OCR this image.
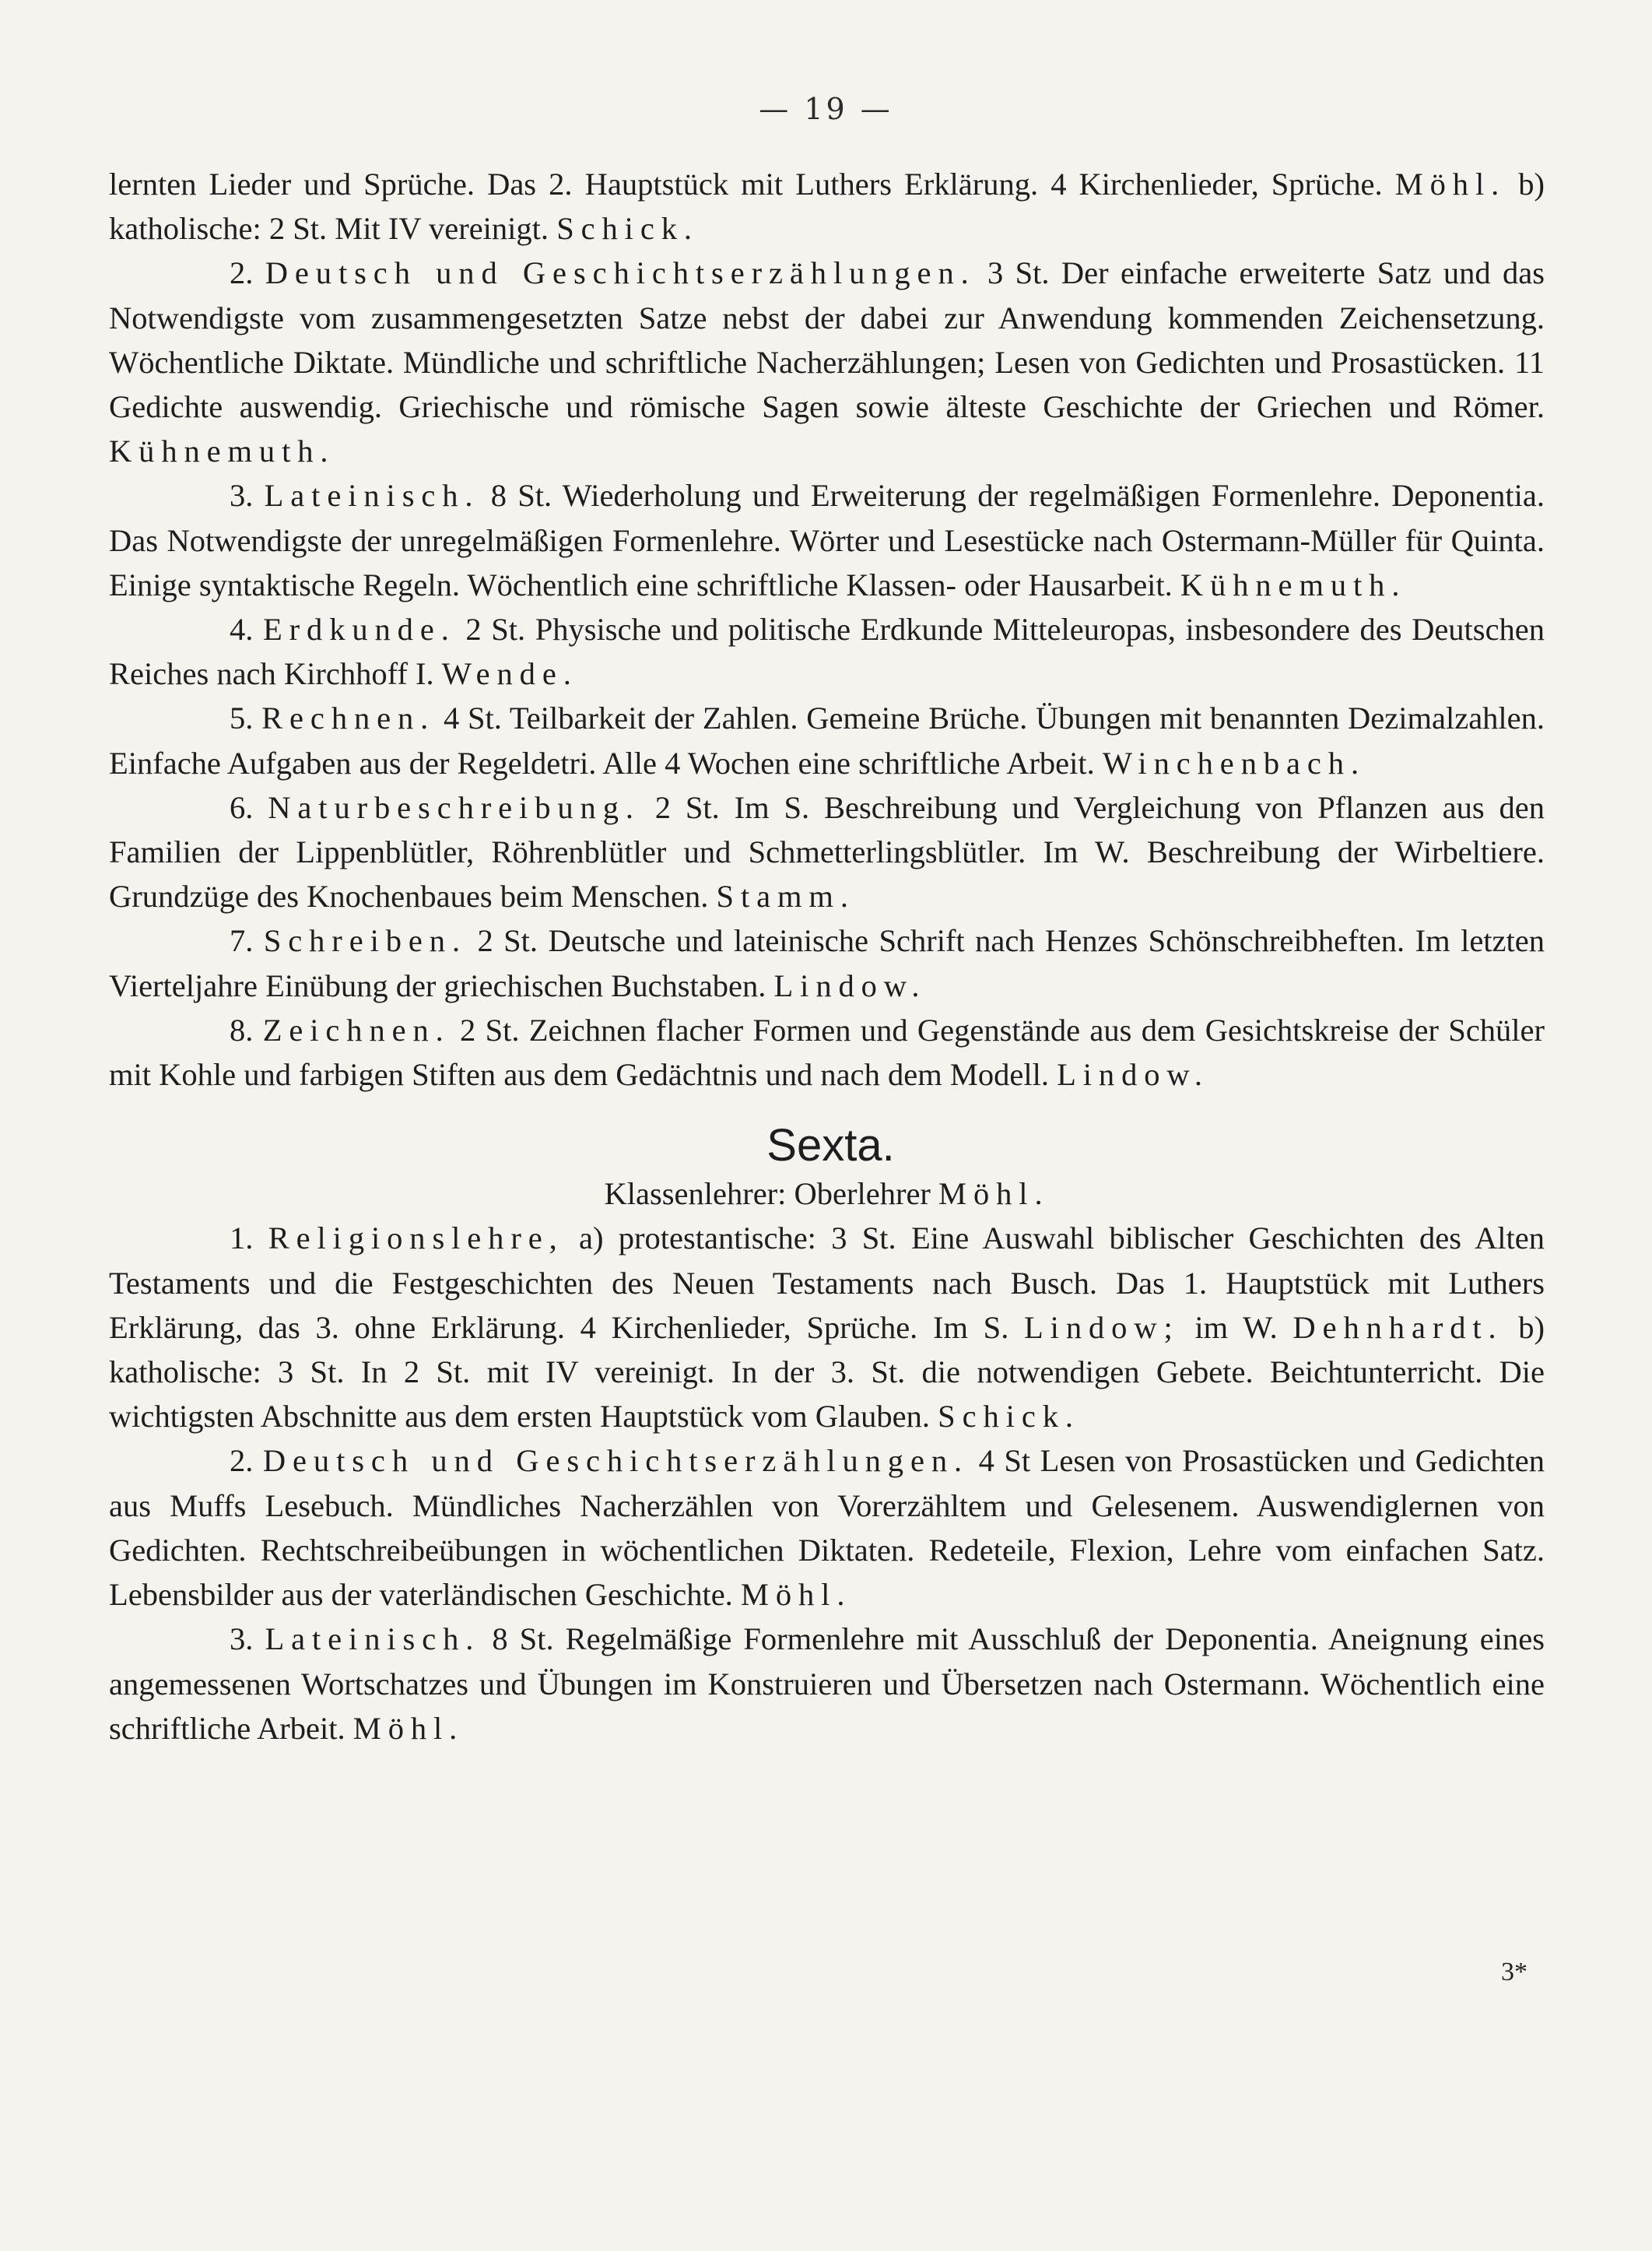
— 19 —

lernten Lieder und Sprüche. Das 2. Hauptstück mit Luthers Erklärung. 4 Kirchenlieder, Sprüche. Möhl. b) katholische: 2 St. Mit IV vereinigt. Schick.

2. Deutsch und Geschichtserzählungen. 3 St. Der einfache erweiterte Satz und das Notwendigste vom zusammengesetzten Satze nebst der dabei zur Anwendung kommenden Zeichensetzung. Wöchentliche Diktate. Mündliche und schriftliche Nacherzählungen; Lesen von Gedichten und Prosastücken. 11 Gedichte auswendig. Griechische und römische Sagen sowie älteste Geschichte der Griechen und Römer. Kühnemuth.

3. Lateinisch. 8 St. Wiederholung und Erweiterung der regelmäßigen Formenlehre. Deponentia. Das Notwendigste der unregelmäßigen Formenlehre. Wörter und Lesestücke nach Ostermann-Müller für Quinta. Einige syntaktische Regeln. Wöchentlich eine schriftliche Klassen- oder Hausarbeit. Kühnemuth.

4. Erdkunde. 2 St. Physische und politische Erdkunde Mitteleuropas, insbesondere des Deutschen Reiches nach Kirchhoff I. Wende.

5. Rechnen. 4 St. Teilbarkeit der Zahlen. Gemeine Brüche. Übungen mit benannten Dezimalzahlen. Einfache Aufgaben aus der Regeldetri. Alle 4 Wochen eine schriftliche Arbeit. Winchenbach.

6. Naturbeschreibung. 2 St. Im S. Beschreibung und Vergleichung von Pflanzen aus den Familien der Lippenblütler, Röhrenblütler und Schmetterlingsblütler. Im W. Beschreibung der Wirbeltiere. Grundzüge des Knochenbaues beim Menschen. Stamm.

7. Schreiben. 2 St. Deutsche und lateinische Schrift nach Henzes Schönschreibheften. Im letzten Vierteljahre Einübung der griechischen Buchstaben. Lindow.

8. Zeichnen. 2 St. Zeichnen flacher Formen und Gegenstände aus dem Gesichtskreise der Schüler mit Kohle und farbigen Stiften aus dem Gedächtnis und nach dem Modell. Lindow.

Sexta.

Klassenlehrer: Oberlehrer Möhl.

1. Religionslehre, a) protestantische: 3 St. Eine Auswahl biblischer Geschichten des Alten Testaments und die Festgeschichten des Neuen Testaments nach Busch. Das 1. Hauptstück mit Luthers Erklärung, das 3. ohne Erklärung. 4 Kirchenlieder, Sprüche. Im S. Lindow; im W. Dehnhardt. b) katholische: 3 St. In 2 St. mit IV vereinigt. In der 3. St. die notwendigen Gebete. Beichtunterricht. Die wichtigsten Abschnitte aus dem ersten Hauptstück vom Glauben. Schick.

2. Deutsch und Geschichtserzählungen. 4 St Lesen von Prosastücken und Gedichten aus Muffs Lesebuch. Mündliches Nacherzählen von Vorerzähltem und Gelesenem. Auswendiglernen von Gedichten. Rechtschreibeübungen in wöchentlichen Diktaten. Redeteile, Flexion, Lehre vom einfachen Satz. Lebensbilder aus der vaterländischen Geschichte. Möhl.

3. Lateinisch. 8 St. Regelmäßige Formenlehre mit Ausschluß der Deponentia. Aneignung eines angemessenen Wortschatzes und Übungen im Konstruieren und Übersetzen nach Ostermann. Wöchentlich eine schriftliche Arbeit. Möhl.

3*
